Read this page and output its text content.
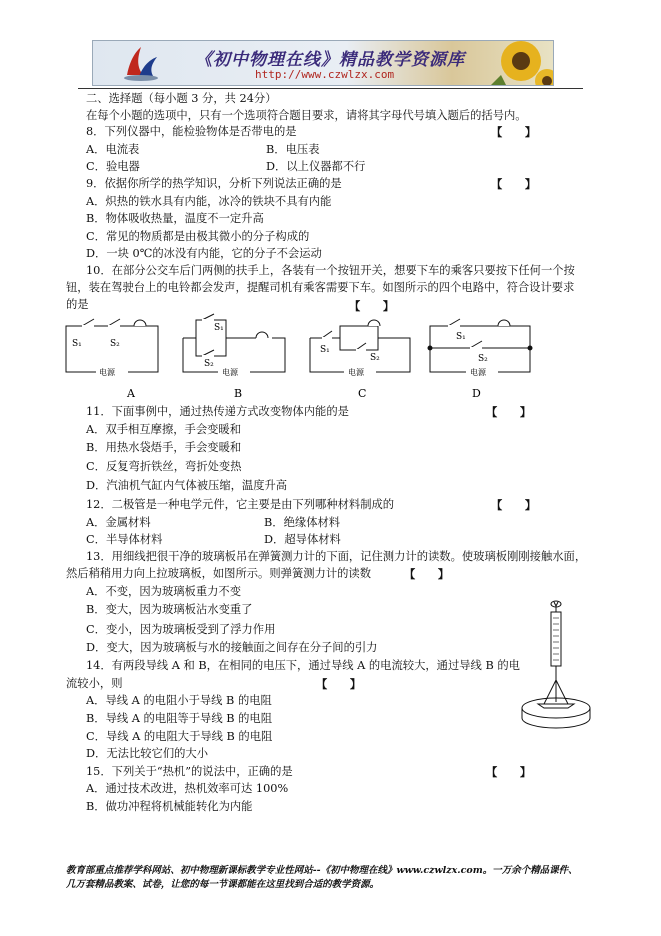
《初中物理在线》精品教学资源库
http://www.czwlzx.com
二、选择题（每小题 3 分，共 24分）
在每个小题的选项中，只有一个选项符合题目要求，请将其字母代号填入题后的括号内。
8．下列仪器中，能检验物体是否带电的是	【　　】
A．电流表	B．电压表
C．验电器	D．以上仪器都不行
9．依据你所学的热学知识，分析下列说法正确的是	【　　】
A．炽热的铁水具有内能，冰冷的铁块不具有内能
B．物体吸收热量，温度不一定升高
C．常见的物质都是由极其微小的分子构成的
D．一块 0℃的冰没有内能，它的分子不会运动
10．在部分公交车后门两侧的扶手上，各装有一个按钮开关，想要下车的乘客只要按下任何一个按
钮，装在驾驶台上的电铃都会发声，提醒司机有乘客需要下车。如图所示的四个电路中，符合设计要求
的是	【　　】
S₁	S₂
电源
S₁
S₂
电源
S₁
S₂
电源
S₁
S₂
电源
A	B	C	D
11．下面事例中，通过热传递方式改变物体内能的是	【　　】
A．双手相互摩擦，手会变暖和
B．用热水袋焐手，手会变暖和
C．反复弯折铁丝，弯折处变热
D．汽油机气缸内气体被压缩，温度升高
12．二极管是一种电学元件，它主要是由下列哪种材料制成的	【　　】
A．金属材料	B．绝缘体材料
C．半导体材料	D．超导体材料
13．用细线把很干净的玻璃板吊在弹簧测力计的下面，记住测力计的读数。使玻璃板刚刚接触水面，
然后稍稍用力向上拉玻璃板，如图所示。则弹簧测力计的读数	【　　】
A．不变，因为玻璃板重力不变
B．变大，因为玻璃板沾水变重了
C．变小，因为玻璃板受到了浮力作用
D．变大，因为玻璃板与水的接触面之间存在分子间的引力
14．有两段导线 A 和 B，在相同的电压下，通过导线 A 的电流较大，通过导线 B 的电
流较小，则	【　　】
A．导线 A 的电阻小于导线 B 的电阻
B．导线 A 的电阻等于导线 B 的电阻
C．导线 A 的电阻大于导线 B 的电阻
D．无法比较它们的大小
15．下列关于“热机”的说法中，正确的是	【　　】
A．通过技术改进，热机效率可达 100%
B．做功冲程将机械能转化为内能
教育部重点推荐学科网站、初中物理新课标教学专业性网站--《初中物理在线》www.czwlzx.com。一万余个精品课件、
几万套精品教案、试卷，让您的每一节课都能在这里找到合适的教学资源。
